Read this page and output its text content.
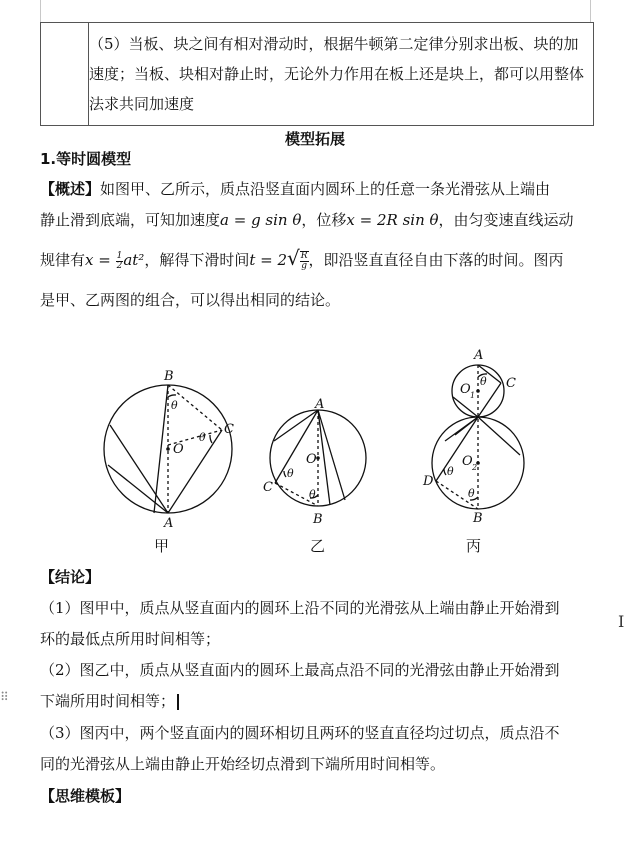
（5）当板、块之间有相对滑动时，根据牛顿第二定律分别求出板、块的加速度；当板、块相对静止时，无论外力作用在板上还是块上，都可以用整体法求共同加速度
模型拓展
1.等时圆模型
【概述】如图甲、乙所示，质点沿竖直面内圆环上的任意一条光滑弦从上端由
静止滑到底端，可知加速度a = g sin θ，位移x = 2R sin θ，由匀变速直线运动
规律有$x = \frac{1}{2} at^2$，解得下滑时间$t = 2√ \frac{R}{g}$ ，即沿竖直直径自由下落的时间。图丙
是甲、乙两图的组合，可以得出相同的结论。
B
A
C
O
θ
θ
A
B
C
O
θ
θ
A
C
O 1
O 2
D
B
θ
θ
θ
甲	乙	丙
【结论】
（1）图甲中，质点从竖直面内的圆环上沿不同的光滑弦从上端由静止开始滑到
环的最低点所用时间相等；
（2）图乙中，质点从竖直面内的圆环上最高点沿不同的光滑弦由静止开始滑到
下端所用时间相等；
（3）图丙中，两个竖直面内的圆环相切且两环的竖直直径均过切点，质点沿不
同的光滑弦从上端由静止开始经切点滑到下端所用时间相等。
【思维模板】
⠿
I
